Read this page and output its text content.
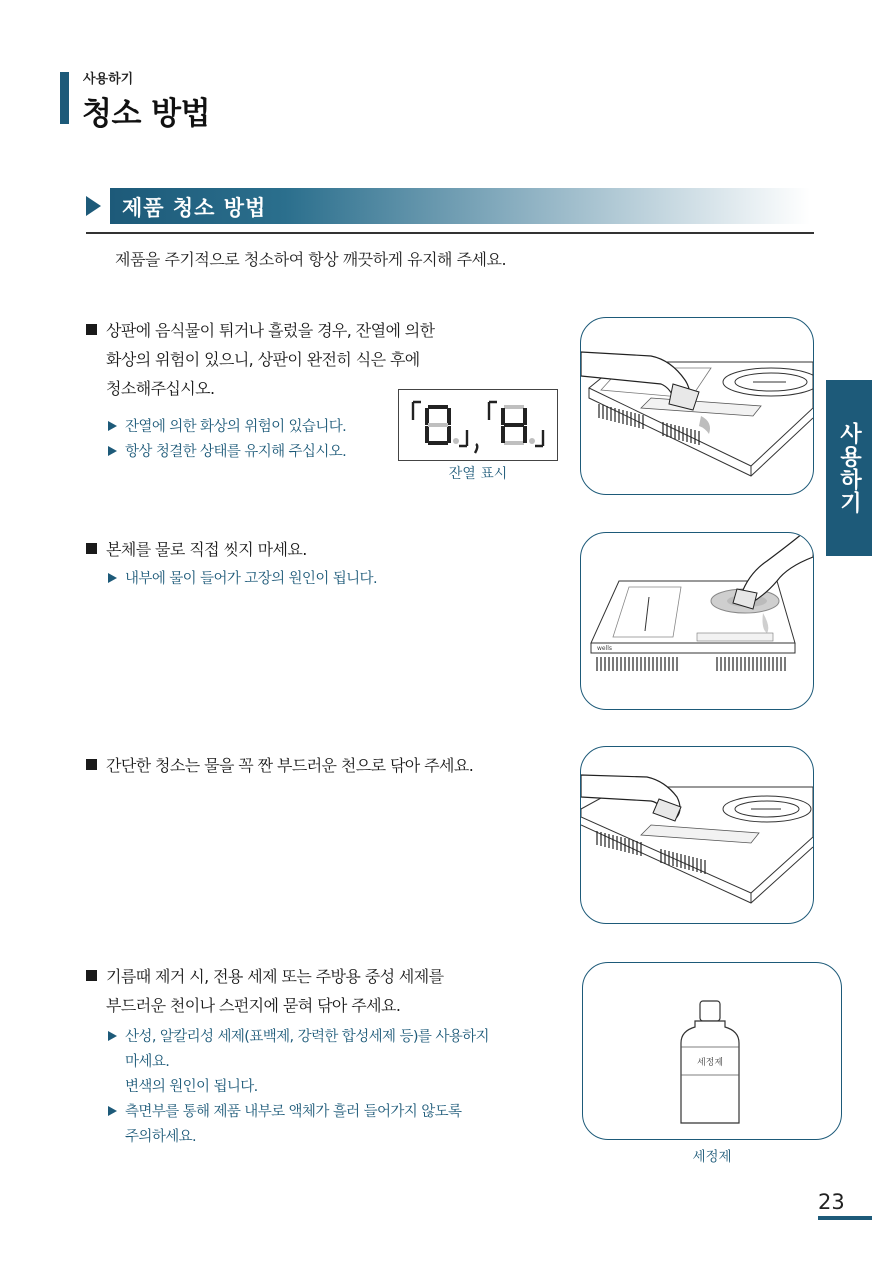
사용하기
청소 방법
제품 청소 방법
제품을 주기적으로 청소하여 항상 깨끗하게 유지해 주세요.
상판에 음식물이 튀거나 흘렀을 경우, 잔열에 의한
화상의 위험이 있으니, 상판이 완전히 식은 후에
청소해주십시오.
잔열에 의한 화상의 위험이 있습니다.
항상 청결한 상태를 유지해 주십시오.
잔열 표시
본체를 물로 직접 씻지 마세요.
내부에 물이 들어가 고장의 원인이 됩니다.
wells
간단한 청소는 물을 꼭 짠 부드러운 천으로 닦아 주세요.
기름때 제거 시, 전용 세제 또는 주방용 중성 세제를
부드러운 천이나 스펀지에 묻혀 닦아 주세요.
산성, 알칼리성 세제(표백제, 강력한 합성세제 등)를 사용하지
마세요.
변색의 원인이 됩니다.
측면부를 통해 제품 내부로 액체가 흘러 들어가지 않도록
주의하세요.
세정제
세정제
사용하기
23
